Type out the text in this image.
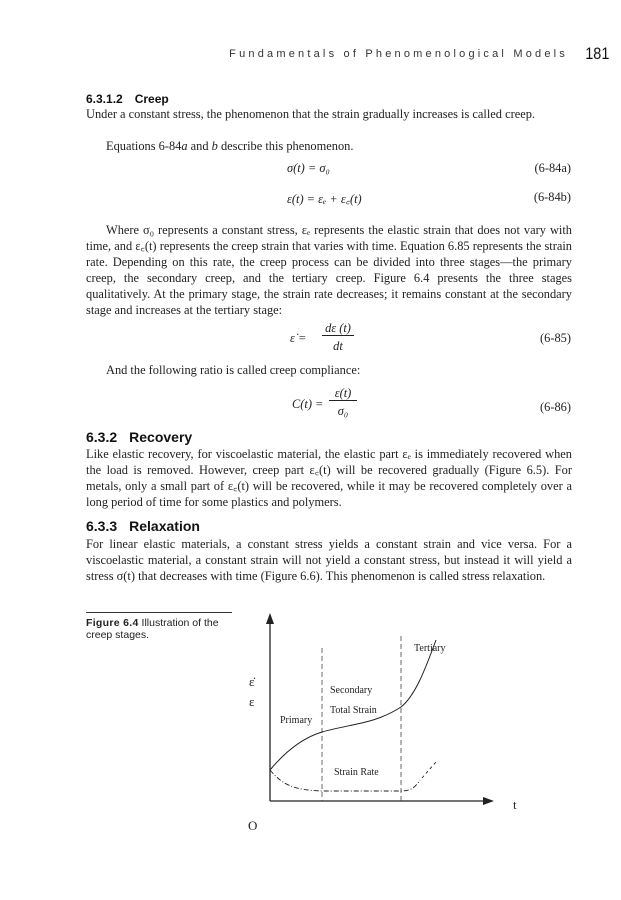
Fundamentals of Phenomenological Models 181
6.3.1.2 Creep
Under a constant stress, the phenomenon that the strain gradually increases is called creep.
Equations 6-84a and b describe this phenomenon.
σ(t) = σ₀	(6-84a)
ε(t) = εₑ + ε꜀(t)	(6-84b)
Where σ₀ represents a constant stress, εₑ represents the elastic strain that does not vary with time, and ε꜀(t) represents the creep strain that varies with time. Equation 6.85 represents the strain rate. Depending on this rate, the creep process can be divided into three stages—the primary creep, the secondary creep, and the tertiary creep. Figure 6.4 presents the three stages qualitatively. At the primary stage, the strain rate decreases; it remains constant at the secondary stage and increases at the tertiary stage:
ε̇ =
dε (t)
dt
(6-85)
And the following ratio is called creep compliance:
C(t) =
ε(t)
σ₀	(6-86)
6.3.2 Recovery
Like elastic recovery, for viscoelastic material, the elastic part εₑ is immediately recovered when the load is removed. However, creep part ε꜀(t) will be recovered gradually (Figure 6.5). For metals, only a small part of ε꜀(t) will be recovered, while it may be recovered completely over a long period of time for some plastics and polymers.
6.3.3 Relaxation
For linear elastic materials, a constant stress yields a constant strain and vice versa. For a viscoelastic material, a constant strain will not yield a constant stress, but instead it will yield a stress σ(t) that decreases with time (Figure 6.6). This phenomenon is called stress relaxation.
Figure 6.4 Illustration of the creep stages.
ε̇
ε
t
O
Primary
Secondary
Tertiary
Total Strain
Strain Rate
